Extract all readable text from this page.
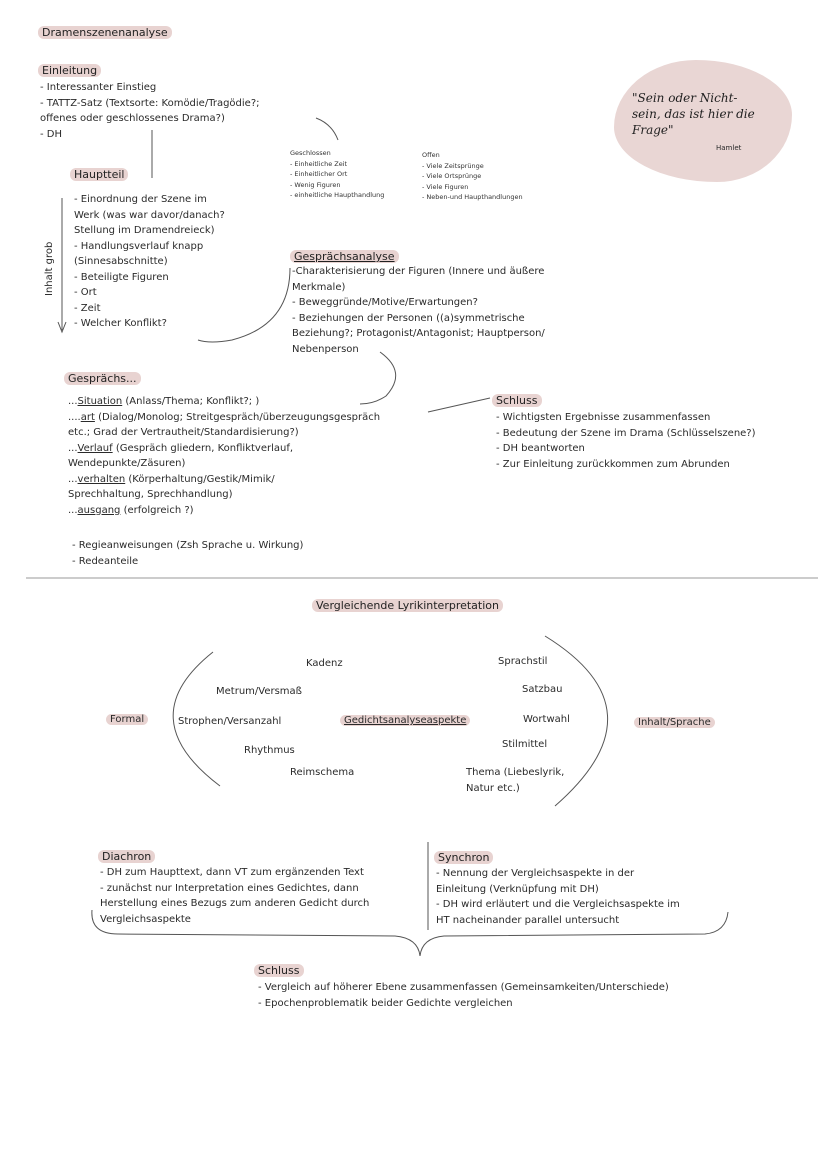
Dramenszenenanalyse
Einleitung
- Interessanter Einstieg
- TATTZ-Satz (Textsorte: Komödie/Tragödie?;
offenes oder geschlossenes Drama?)
- DH
Geschlossen
- Einheitliche Zeit
- Einheitlicher Ort
- Wenig Figuren
- einheitliche Haupthandlung
Offen
- Viele Zeitsprünge
- Viele Ortsprünge
- Viele Figuren
- Neben-und Haupthandlungen
"Sein oder Nicht-
sein, das ist hier die
Frage"
Hamlet
Hauptteil
Inhalt grob
- Einordnung der Szene im
Werk (was war davor/danach?
Stellung im Dramendreieck)
- Handlungsverlauf knapp
(Sinnesabschnitte)
- Beteiligte Figuren
- Ort
- Zeit
- Welcher Konflikt?
Gesprächsanalyse
-Charakterisierung der Figuren (Innere und äußere
Merkmale)
- Beweggründe/Motive/Erwartungen?
- Beziehungen der Personen ((a)symmetrische
Beziehung?; Protagonist/Antagonist; Hauptperson/
Nebenperson
Gesprächs...
...Situation (Anlass/Thema; Konflikt?; )
....art (Dialog/Monolog; Streitgespräch/überzeugungsgespräch
etc.; Grad der Vertrautheit/Standardisierung?)
...Verlauf (Gespräch gliedern, Konfliktverlauf,
Wendepunkte/Zäsuren)
...verhalten (Körperhaltung/Gestik/Mimik/
Sprechhaltung, Sprechhandlung)
...ausgang (erfolgreich ?)
- Regieanweisungen (Zsh Sprache u. Wirkung)
- Redeanteile
Schluss
- Wichtigsten Ergebnisse zusammenfassen
- Bedeutung der Szene im Drama (Schlüsselszene?)
- DH beantworten
- Zur Einleitung zurückkommen zum Abrunden
Vergleichende Lyrikinterpretation
Formal	Inhalt/Sprache
Gedichtsanalyseaspekte
Kadenz
Metrum/Versmaß
Strophen/Versanzahl
Rhythmus
Reimschema
Sprachstil
Satzbau
Wortwahl
Stilmittel
Thema (Liebeslyrik,
Natur etc.)
Diachron
- DH zum Haupttext, dann VT zum ergänzenden Text
- zunächst nur Interpretation eines Gedichtes, dann
Herstellung eines Bezugs zum anderen Gedicht durch
Vergleichsaspekte
Synchron
- Nennung der Vergleichsaspekte in der
Einleitung (Verknüpfung mit DH)
- DH wird erläutert und die Vergleichsaspekte im
HT nacheinander parallel untersucht
Schluss
- Vergleich auf höherer Ebene zusammenfassen (Gemeinsamkeiten/Unterschiede)
- Epochenproblematik beider Gedichte vergleichen
